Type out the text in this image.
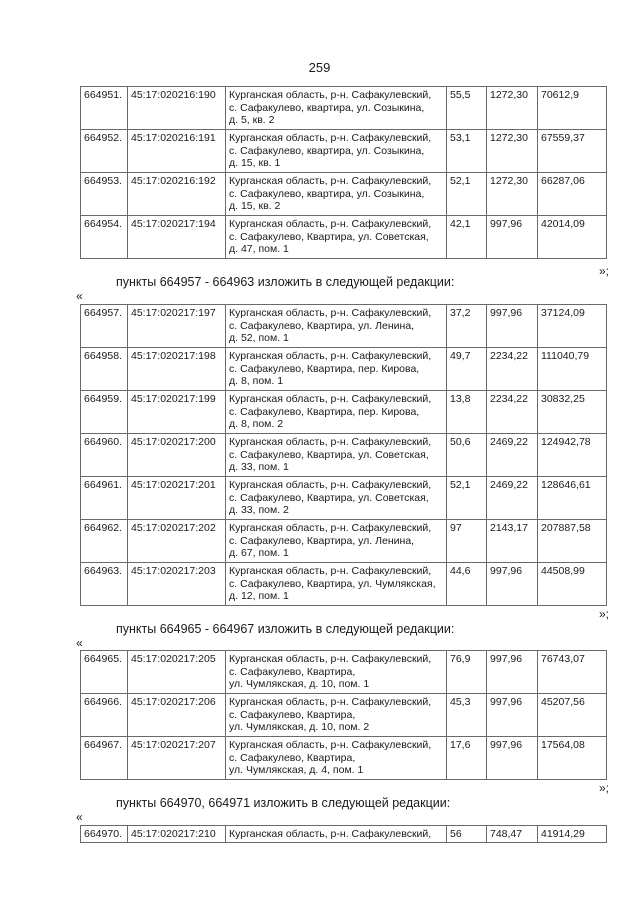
259
664951.	45:17:020216:190	Курганская область, р-н. Сафакулевский,
с. Сафакулево, квартира, ул. Созыкина,
д. 5, кв. 2	55,5	1272,30	70612,9
664952.	45:17:020216:191	Курганская область, р-н. Сафакулевский,
с. Сафакулево, квартира, ул. Созыкина,
д. 15, кв. 1	53,1	1272,30	67559,37
664953.	45:17:020216:192	Курганская область, р-н. Сафакулевский,
с. Сафакулево, квартира, ул. Созыкина,
д. 15, кв. 2	52,1	1272,30	66287,06
664954.	45:17:020217:194	Курганская область, р-н. Сафакулевский,
с. Сафакулево, Квартира, ул. Советская,
д. 47, пом. 1	42,1	997,96	42014,09
»;
пункты 664957 - 664963 изложить в следующей редакции:
«
664957.	45:17:020217:197	Курганская область, р-н. Сафакулевский,
с. Сафакулево, Квартира, ул. Ленина,
д. 52, пом. 1	37,2	997,96	37124,09
664958.	45:17:020217:198	Курганская область, р-н. Сафакулевский,
с. Сафакулево, Квартира, пер. Кирова,
д. 8, пом. 1	49,7	2234,22	111040,79
664959.	45:17:020217:199	Курганская область, р-н. Сафакулевский,
с. Сафакулево, Квартира, пер. Кирова,
д. 8, пом. 2	13,8	2234,22	30832,25
664960.	45:17:020217:200	Курганская область, р-н. Сафакулевский,
с. Сафакулево, Квартира, ул. Советская,
д. 33, пом. 1	50,6	2469,22	124942,78
664961.	45:17:020217:201	Курганская область, р-н. Сафакулевский,
с. Сафакулево, Квартира, ул. Советская,
д. 33, пом. 2	52,1	2469,22	128646,61
664962.	45:17:020217:202	Курганская область, р-н. Сафакулевский,
с. Сафакулево, Квартира, ул. Ленина,
д. 67, пом. 1	97	2143,17	207887,58
664963.	45:17:020217:203	Курганская область, р-н. Сафакулевский,
с. Сафакулево, Квартира, ул. Чумлякская,
д. 12, пом. 1	44,6	997,96	44508,99
»;
пункты 664965 - 664967 изложить в следующей редакции:
«
664965.	45:17:020217:205	Курганская область, р-н. Сафакулевский,
с. Сафакулево, Квартира,
ул. Чумлякская, д. 10, пом. 1	76,9	997,96	76743,07
664966.	45:17:020217:206	Курганская область, р-н. Сафакулевский,
с. Сафакулево, Квартира,
ул. Чумлякская, д. 10, пом. 2	45,3	997,96	45207,56
664967.	45:17:020217:207	Курганская область, р-н. Сафакулевский,
с. Сафакулево, Квартира,
ул. Чумлякская, д. 4, пом. 1	17,6	997,96	17564,08
»;
пункты 664970, 664971 изложить в следующей редакции:
«
664970.	45:17:020217:210	Курганская область, р-н. Сафакулевский,	56	748,47	41914,29
